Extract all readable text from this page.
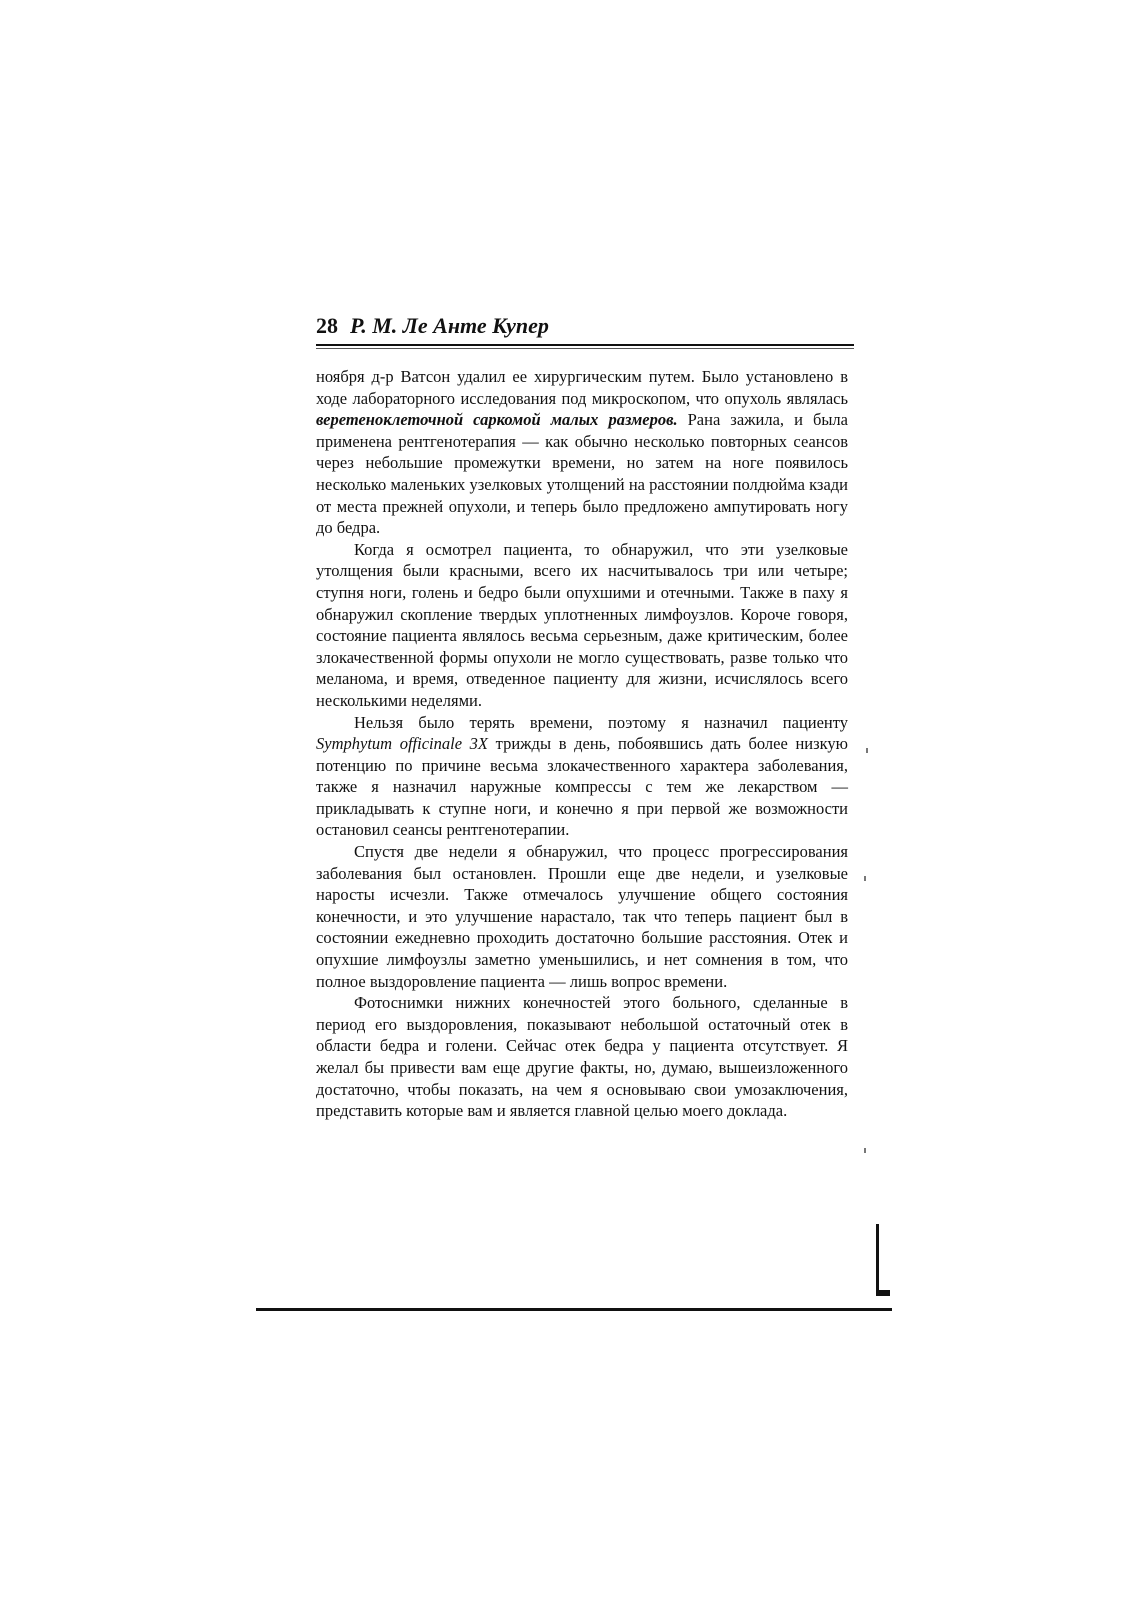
28 Р. М. Ле Анте Купер

ноября д-р Ватсон удалил ее хирургическим путем. Было установлено в ходе лабораторного исследования под микроскопом, что опухоль являлась веретеноклеточной саркомой малых размеров. Рана зажила, и была применена рентгенотерапия — как обычно несколько повторных сеансов через небольшие промежутки времени, но затем на ноге появилось несколько маленьких узелковых утолщений на расстоянии полдюйма кзади от места прежней опухоли, и теперь было предложено ампутировать ногу до бедра.

Когда я осмотрел пациента, то обнаружил, что эти узелковые утолщения были красными, всего их насчитывалось три или четыре; ступня ноги, голень и бедро были опухшими и отечными. Также в паху я обнаружил скопление твердых уплотненных лимфоузлов. Короче говоря, состояние пациента являлось весьма серьезным, даже критическим, более злокачественной формы опухоли не могло существовать, разве только что меланома, и время, отведенное пациенту для жизни, исчислялось всего несколькими неделями.

Нельзя было терять времени, поэтому я назначил пациенту Symphytum officinale 3X трижды в день, побоявшись дать более низкую потенцию по причине весьма злокачественного характера заболевания, также я назначил наружные компрессы с тем же лекарством — прикладывать к ступне ноги, и конечно я при первой же возможности остановил сеансы рентгенотерапии.

Спустя две недели я обнаружил, что процесс прогрессирования заболевания был остановлен. Прошли еще две недели, и узелковые наросты исчезли. Также отмечалось улучшение общего состояния конечности, и это улучшение нарастало, так что теперь пациент был в состоянии ежедневно проходить достаточно большие расстояния. Отек и опухшие лимфоузлы заметно уменьшились, и нет сомнения в том, что полное выздоровление пациента — лишь вопрос времени.

Фотоснимки нижних конечностей этого больного, сделанные в период его выздоровления, показывают небольшой остаточный отек в области бедра и голени. Сейчас отек бедра у пациента отсутствует. Я желал бы привести вам еще другие факты, но, думаю, вышеизложенного достаточно, чтобы показать, на чем я основываю свои умозаключения, представить которые вам и является главной целью моего доклада.
